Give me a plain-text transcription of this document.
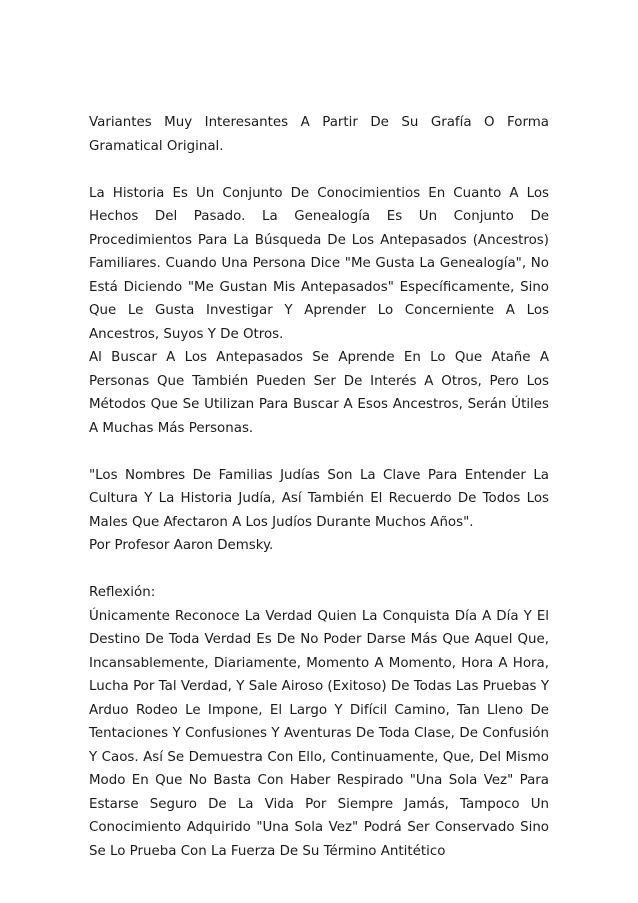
Variantes Muy Interesantes A Partir De Su Grafía O Forma Gramatical Original.

La Historia Es Un Conjunto De Conocimientios En Cuanto A Los Hechos Del Pasado. La Genealogía Es Un Conjunto De Procedimientos Para La Búsqueda De Los Antepasados (Ancestros) Familiares. Cuando Una Persona Dice "Me Gusta La Genealogía", No Está Diciendo "Me Gustan Mis Antepasados" Específicamente, Sino Que Le Gusta Investigar Y Aprender Lo Concerniente A Los Ancestros, Suyos Y De Otros.

Al Buscar A Los Antepasados Se Aprende En Lo Que Atañe A Personas Que También Pueden Ser De Interés A Otros, Pero Los Métodos Que Se Utilizan Para Buscar A Esos Ancestros, Serán Útiles A Muchas Más Personas.

"Los Nombres De Familias Judías Son La Clave Para Entender La Cultura Y La Historia Judía, Así También El Recuerdo De Todos Los Males Que Afectaron A Los Judíos Durante Muchos Años".

Por Profesor Aaron Demsky.

Reflexión:

Únicamente Reconoce La Verdad Quien La Conquista Día A Día Y El Destino De Toda Verdad Es De No Poder Darse Más Que Aquel Que, Incansablemente, Diariamente, Momento A Momento, Hora A Hora, Lucha Por Tal Verdad, Y Sale Airoso (Exitoso) De Todas Las Pruebas Y Arduo Rodeo Le Impone, El Largo Y Difícil Camino, Tan Lleno De Tentaciones Y Confusiones Y Aventuras De Toda Clase, De Confusión Y Caos. Así Se Demuestra Con Ello, Continuamente, Que, Del Mismo Modo En Que No Basta Con Haber Respirado "Una Sola Vez" Para Estarse Seguro De La Vida Por Siempre Jamás, Tampoco Un Conocimiento Adquirido "Una Sola Vez" Podrá Ser Conservado Sino Se Lo Prueba Con La Fuerza De Su Término Antitético
